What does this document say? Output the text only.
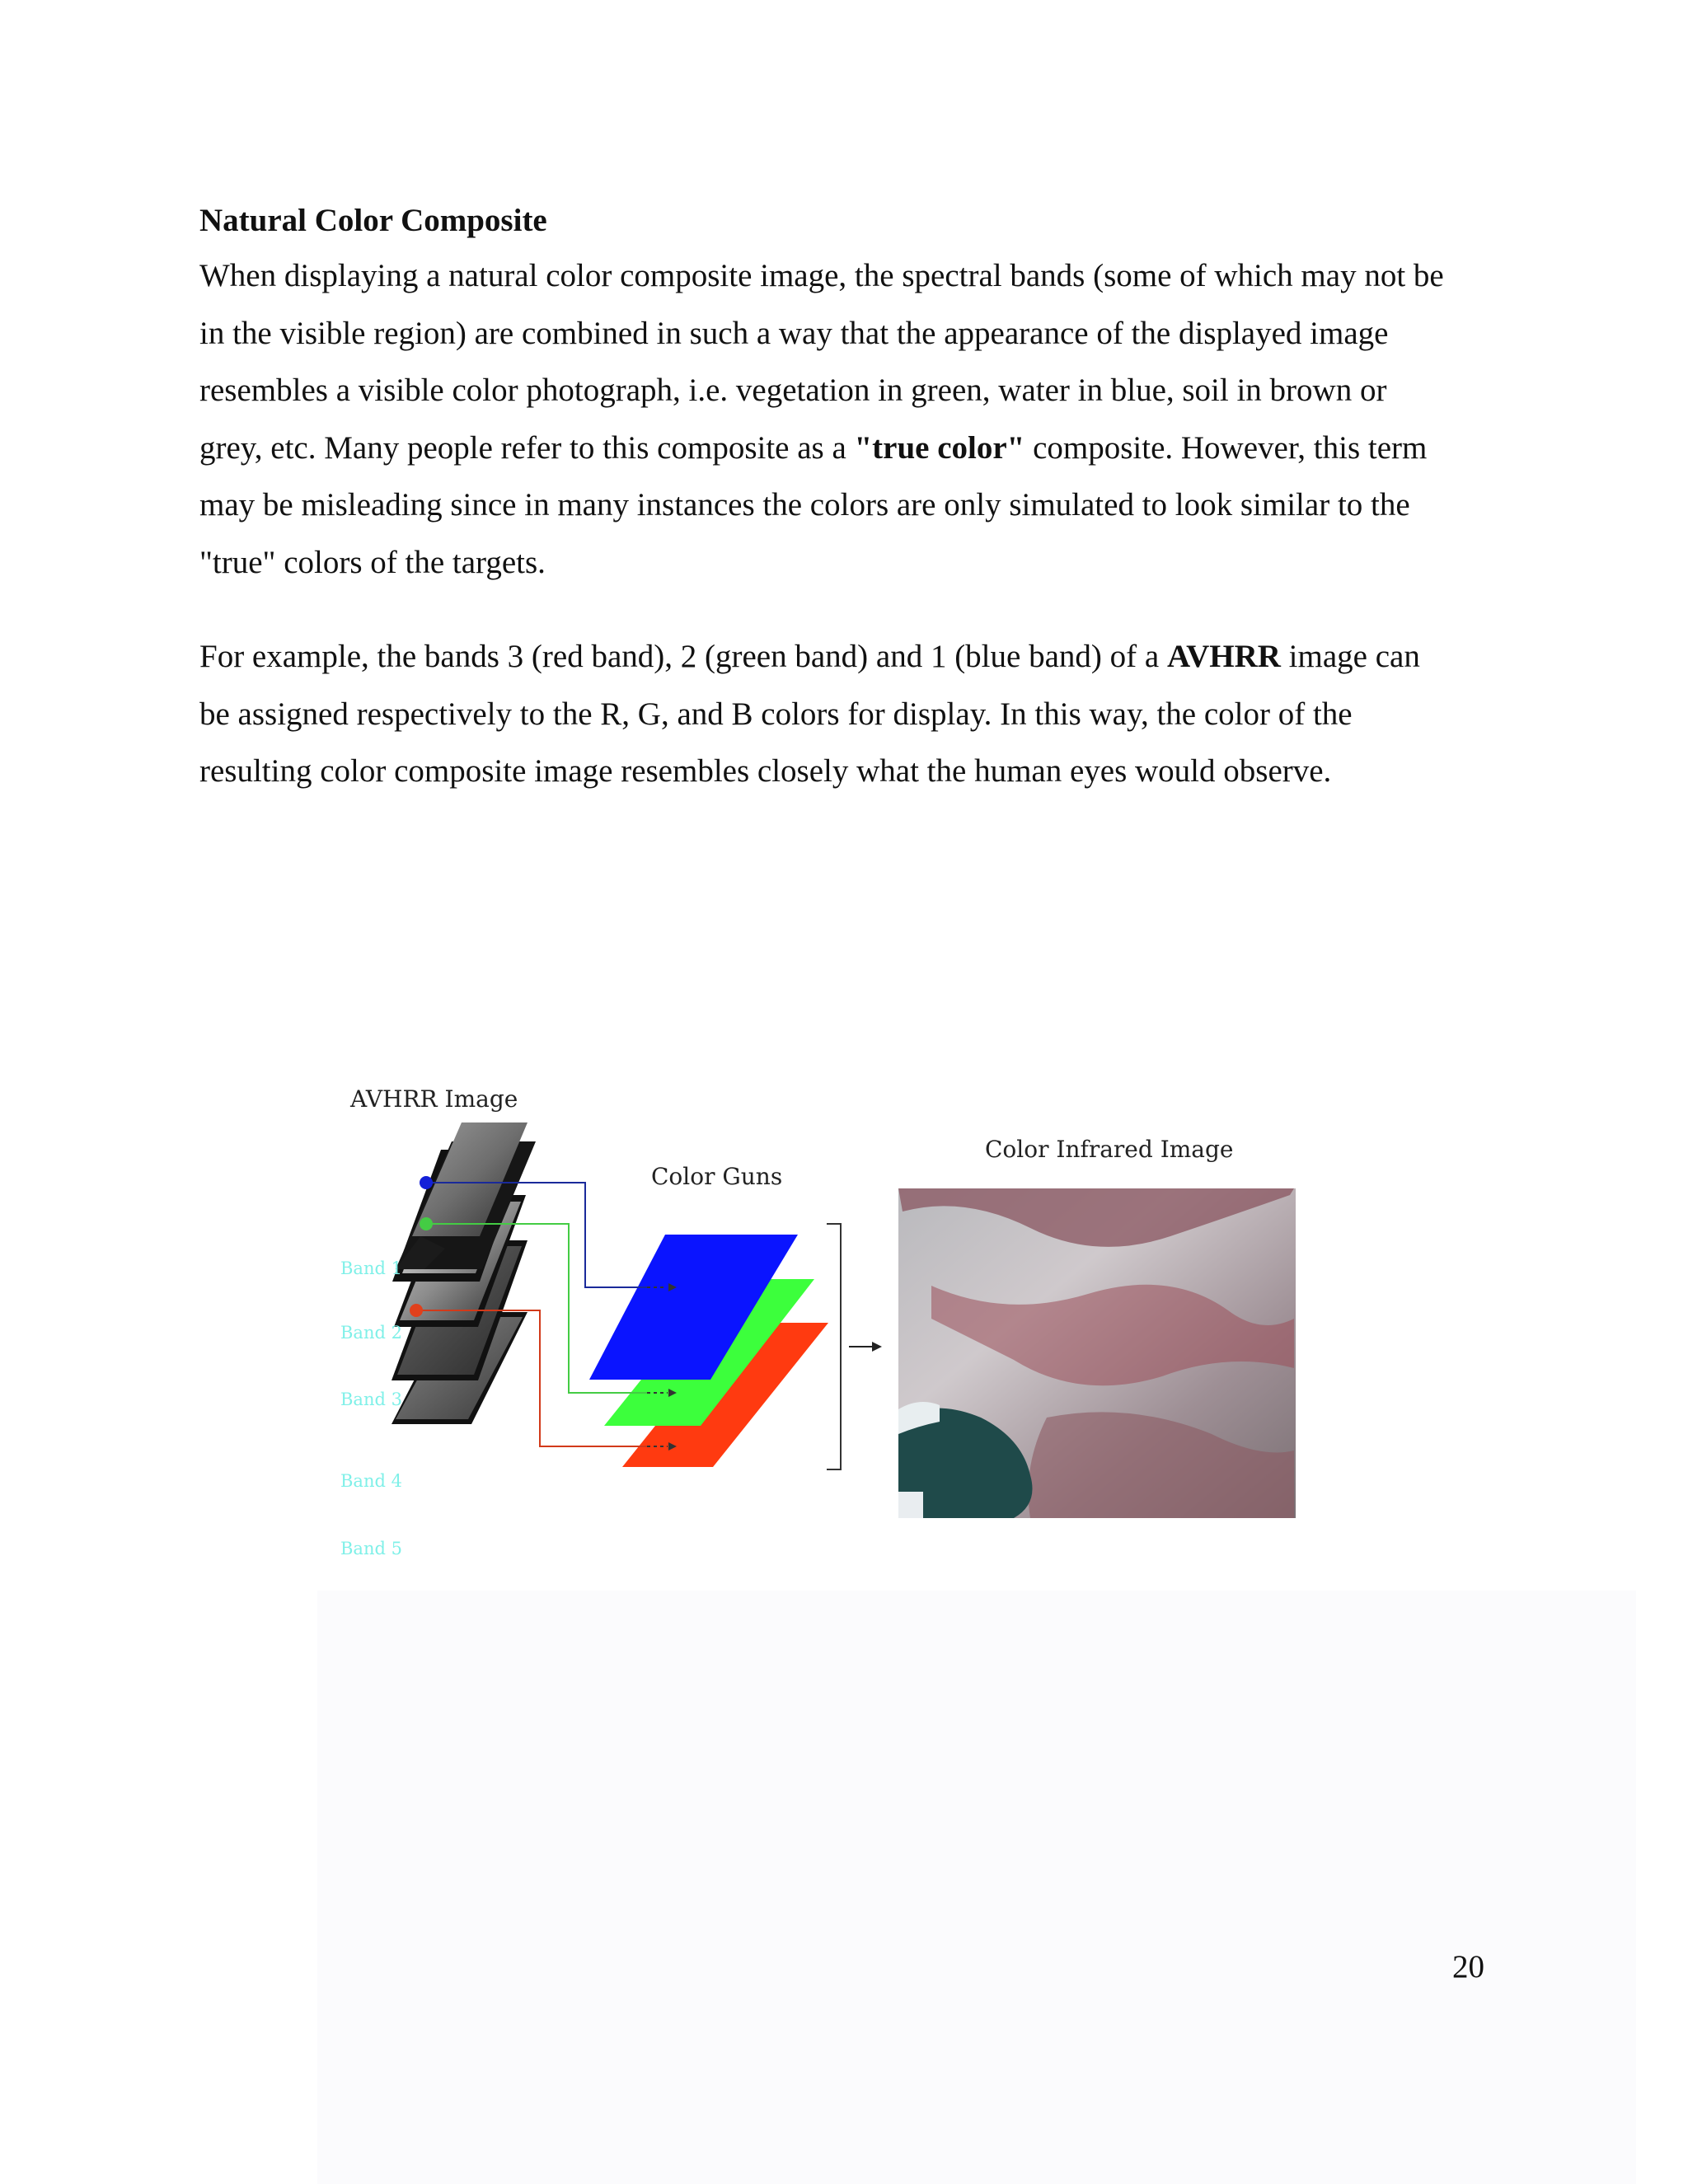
Natural Color Composite

When displaying a natural color composite image, the spectral bands (some of which may not be
in the visible region) are combined in such a way that the appearance of the displayed image
resembles a visible color photograph, i.e. vegetation in green, water in blue, soil in brown or
grey, etc. Many people refer to this composite as a "true color" composite. However, this term
may be misleading since in many instances the colors are only simulated to look similar to the
"true" colors of the targets.

For example, the bands 3 (red band), 2 (green band) and 1 (blue band) of a AVHRR image can
be assigned respectively to the R, G, and B colors for display. In this way, the color of the
resulting color composite image resembles closely what the human eyes would observe.

AVHRR Image
Color Guns
Color Infrared Image
Band 1
Band 2
Band 3
Band 4
Band 5

20
